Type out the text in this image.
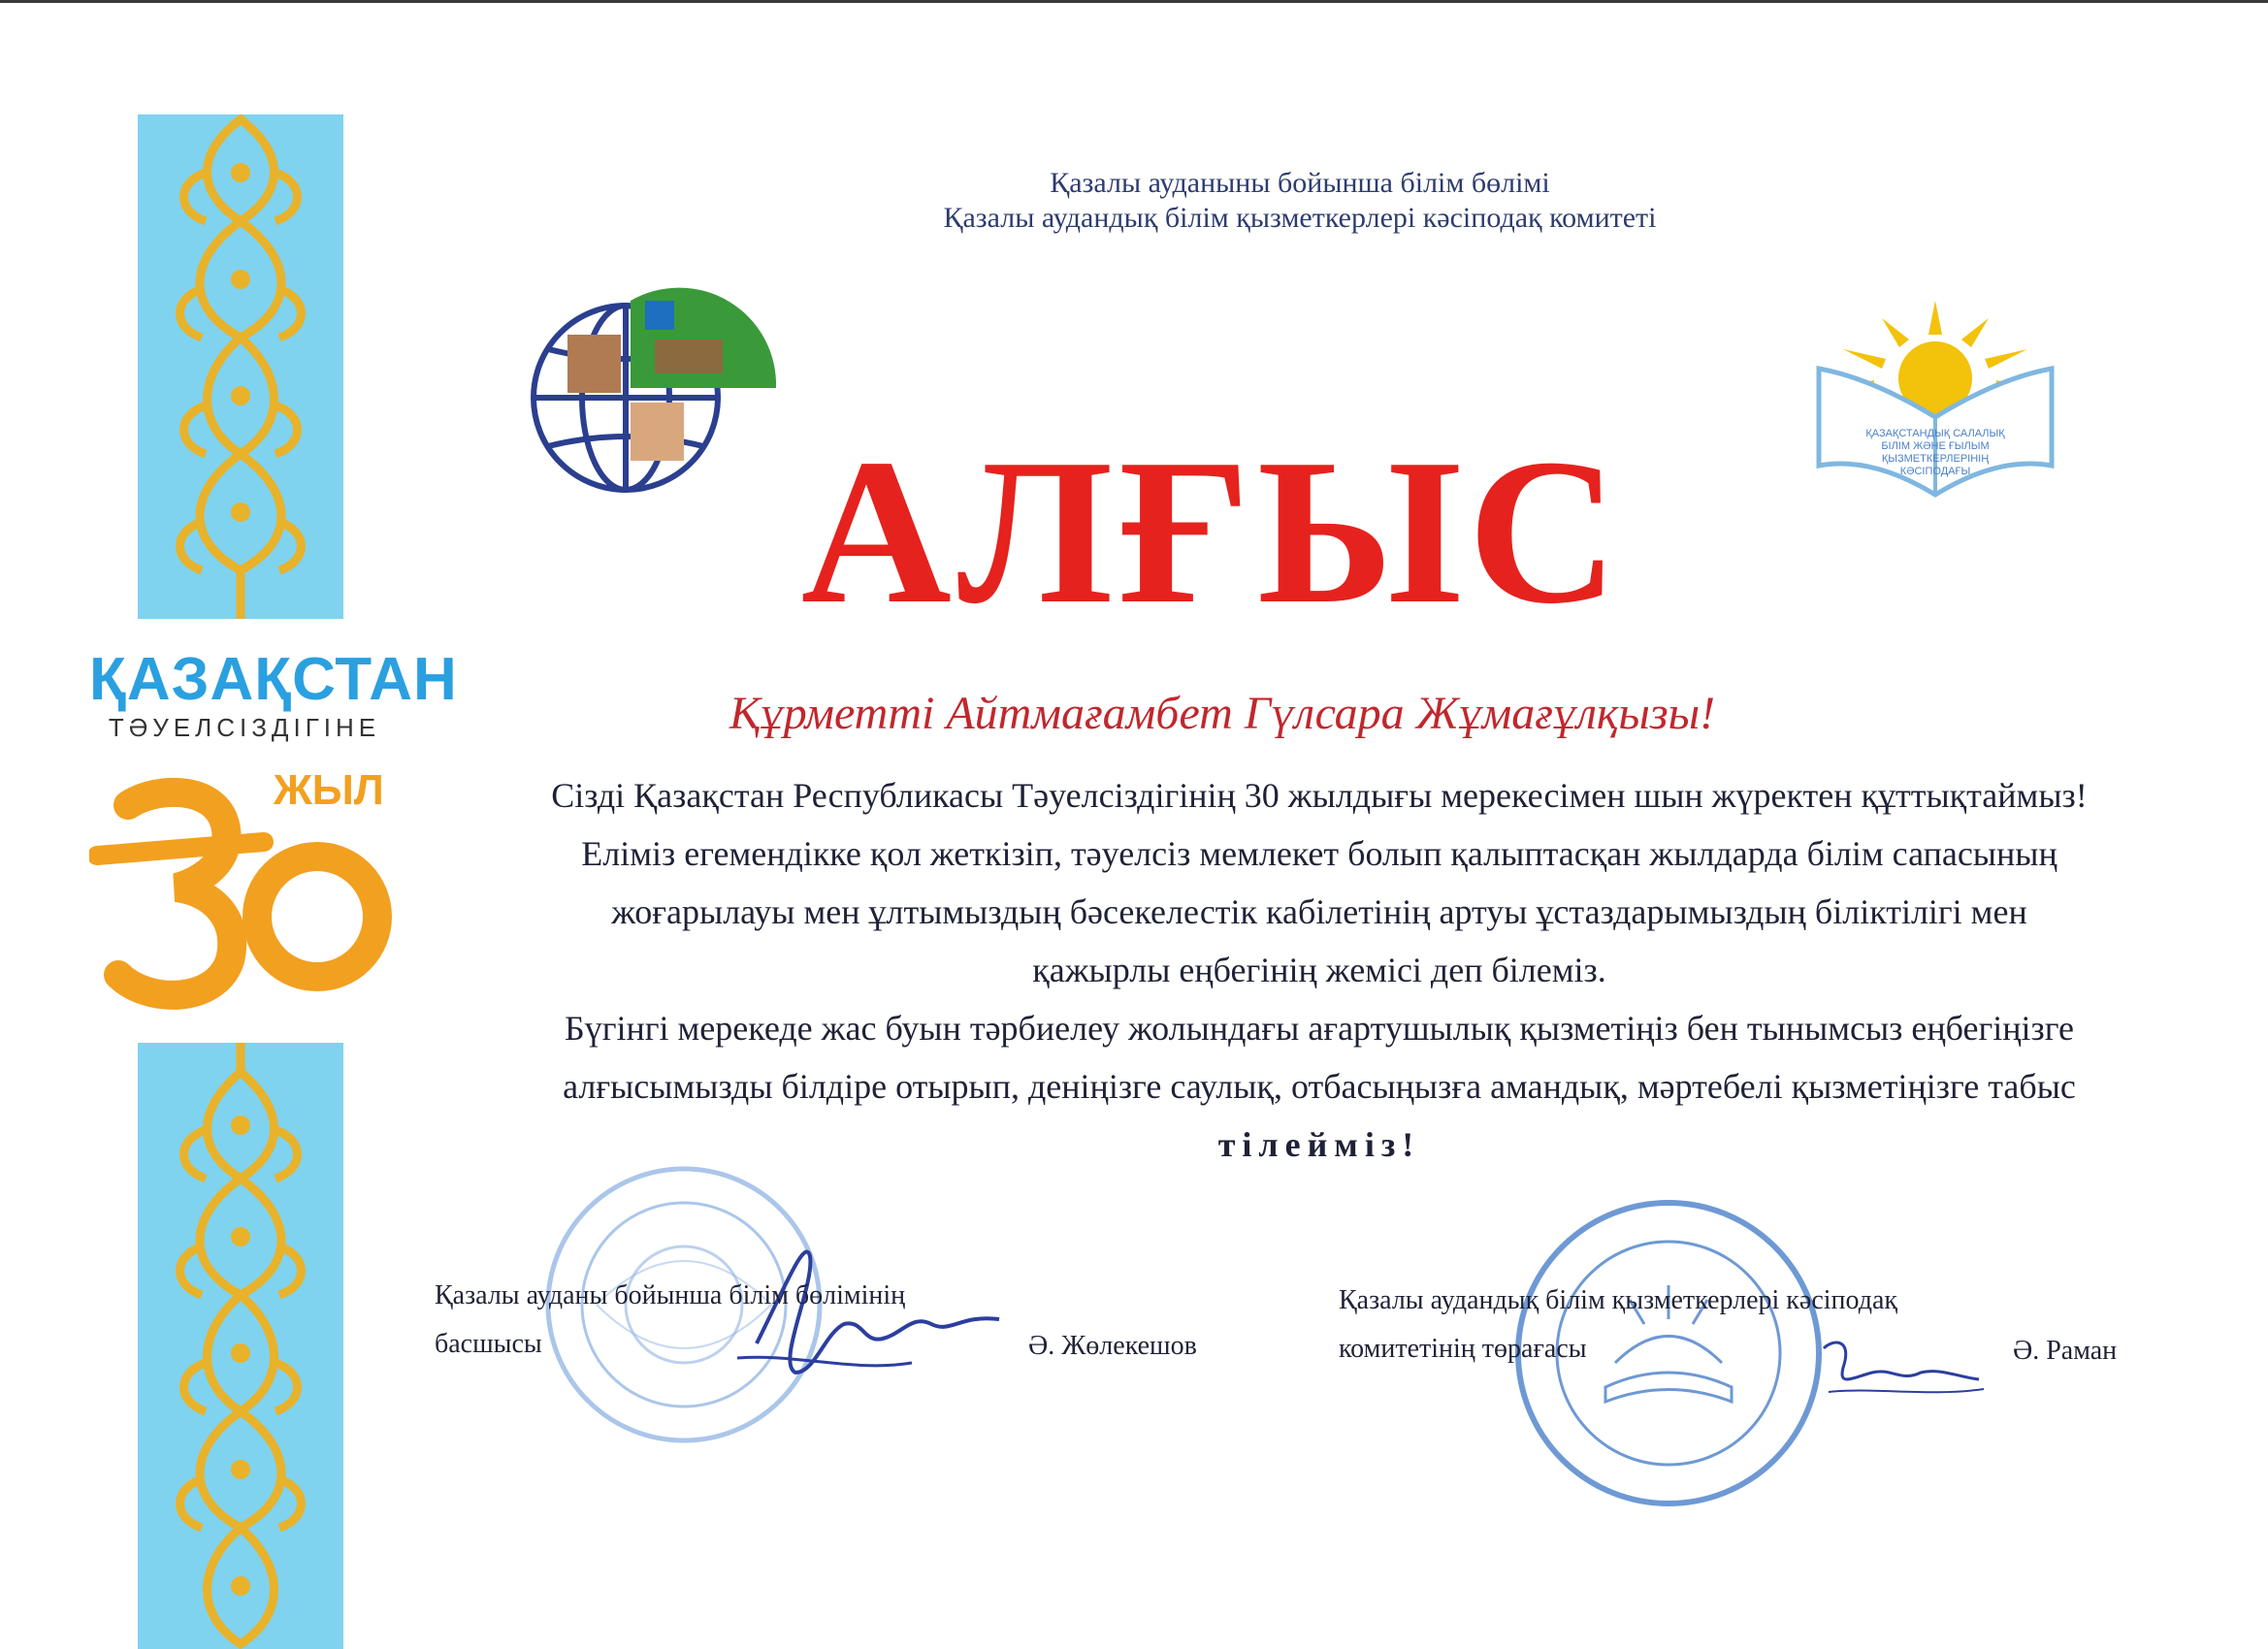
ҚАЗАҚСТАН
ТӘУЕЛСІЗДІГІНЕ
ЖЫЛ
Қазалы ауданыны бойынша білім бөлімі
Қазалы аудандық білім қызметкерлері кәсіподақ комитеті
ҚАЗАҚСТАНДЫҚ САЛАЛЫҚ
БІЛІМ ЖӘНЕ ҒЫЛЫМ
ҚЫЗМЕТКЕРЛЕРІНІҢ
КӘСІПОДАҒЫ
АЛҒЫС
Құрметті Айтмағамбет Гүлсара Жұмағұлқызы!

Сізді Қазақстан Республикасы Тәуелсіздігінің 30 жылдығы мерекесімен шын жүректен құттықтаймыз!

Еліміз егемендікке қол жеткізіп, тәуелсіз мемлекет болып қалыптасқан жылдарда білім сапасының

жоғарылауы мен ұлтымыздың бәсекелестік кабілетінің артуы ұстаздарымыздың біліктілігі мен

қажырлы еңбегінің жемісі деп білеміз.

Бүгінгі мерекеде жас буын тәрбиелеу жолындағы ағартушылық қызметіңіз бен тынымсыз еңбегіңізге

алғысымызды білдіре отырып, деніңізге саулық, отбасыңызға амандық, мәртебелі қызметіңізге табыс

тілейміз!

Қазалы ауданы бойынша білім бөлімінің
басшысы	Ә. Жөлекешов
Қазалы аудандық білім қызметкерлері кәсіподақ
комитетінің төрағасы	Ә. Раман
